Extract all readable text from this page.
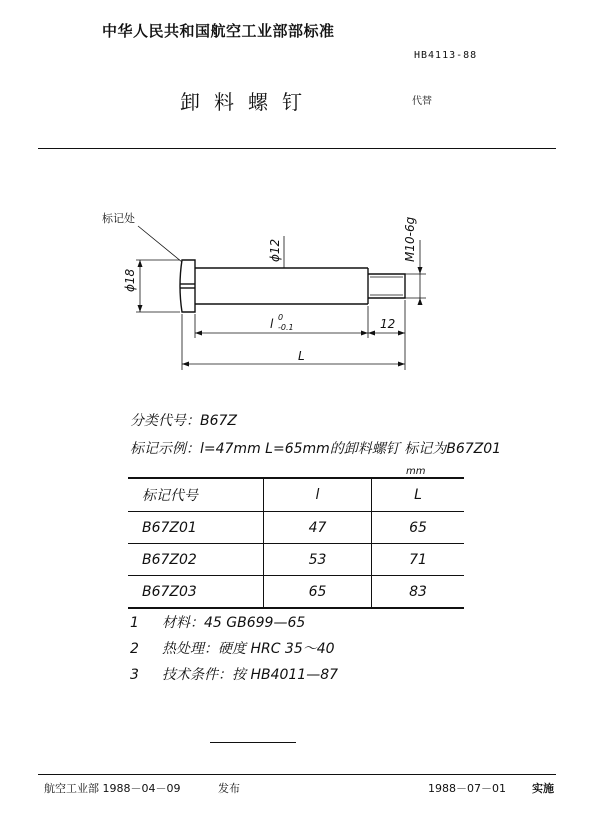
中华人民共和国航空工业部部标准
HB4113-88
卸料螺钉	代替
标记处
ϕ18
ϕ12	M10-6g
l 0
-0.1	12
L
分类代号：B67Z
标记示例：l=47mm L=65mm的卸料螺钉 标记为B67Z01
mm
标记代号	l	L
B67Z01	47	65
B67Z02	53	71
B67Z03	65	83
1 材料：45 GB699—65
2 热处理：硬度 HRC 35～40
3 技术条件：按 HB4011—87
航空工业部 1988－04－09	发布	1988－07－01 实施
